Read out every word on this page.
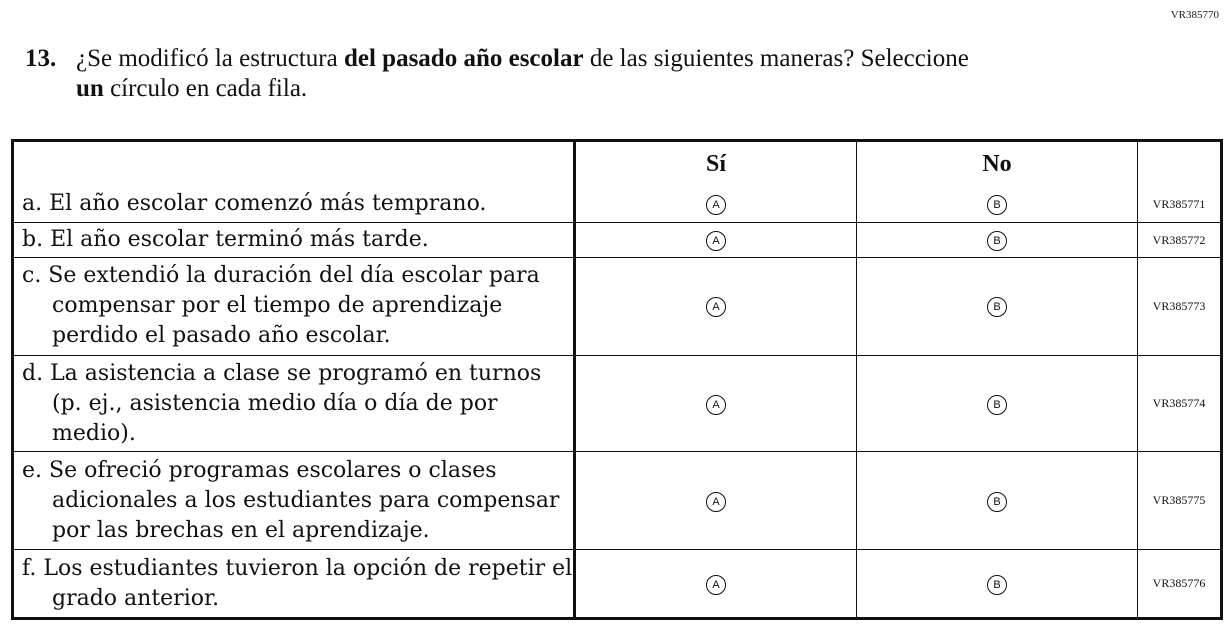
VR385770
13. ¿Se modificó la estructura del pasado año escolar de las siguientes maneras? Seleccione
un círculo en cada fila.
	Sí	No	
a. El año escolar comenzó más temprano.	A	B	VR385771
b. El año escolar terminó más tarde.	A	B	VR385772
c. Se extendió la duración del día escolar para compensar por el tiempo de aprendizaje perdido el pasado año escolar.	A	B	VR385773
d. La asistencia a clase se programó en turnos (p. ej., asistencia medio día o día de por medio).	A	B	VR385774
e. Se ofreció programas escolares o clases adicionales a los estudiantes para compensar por las brechas en el aprendizaje.	A	B	VR385775
f. Los estudiantes tuvieron la opción de repetir el grado anterior.	A	B	VR385776
